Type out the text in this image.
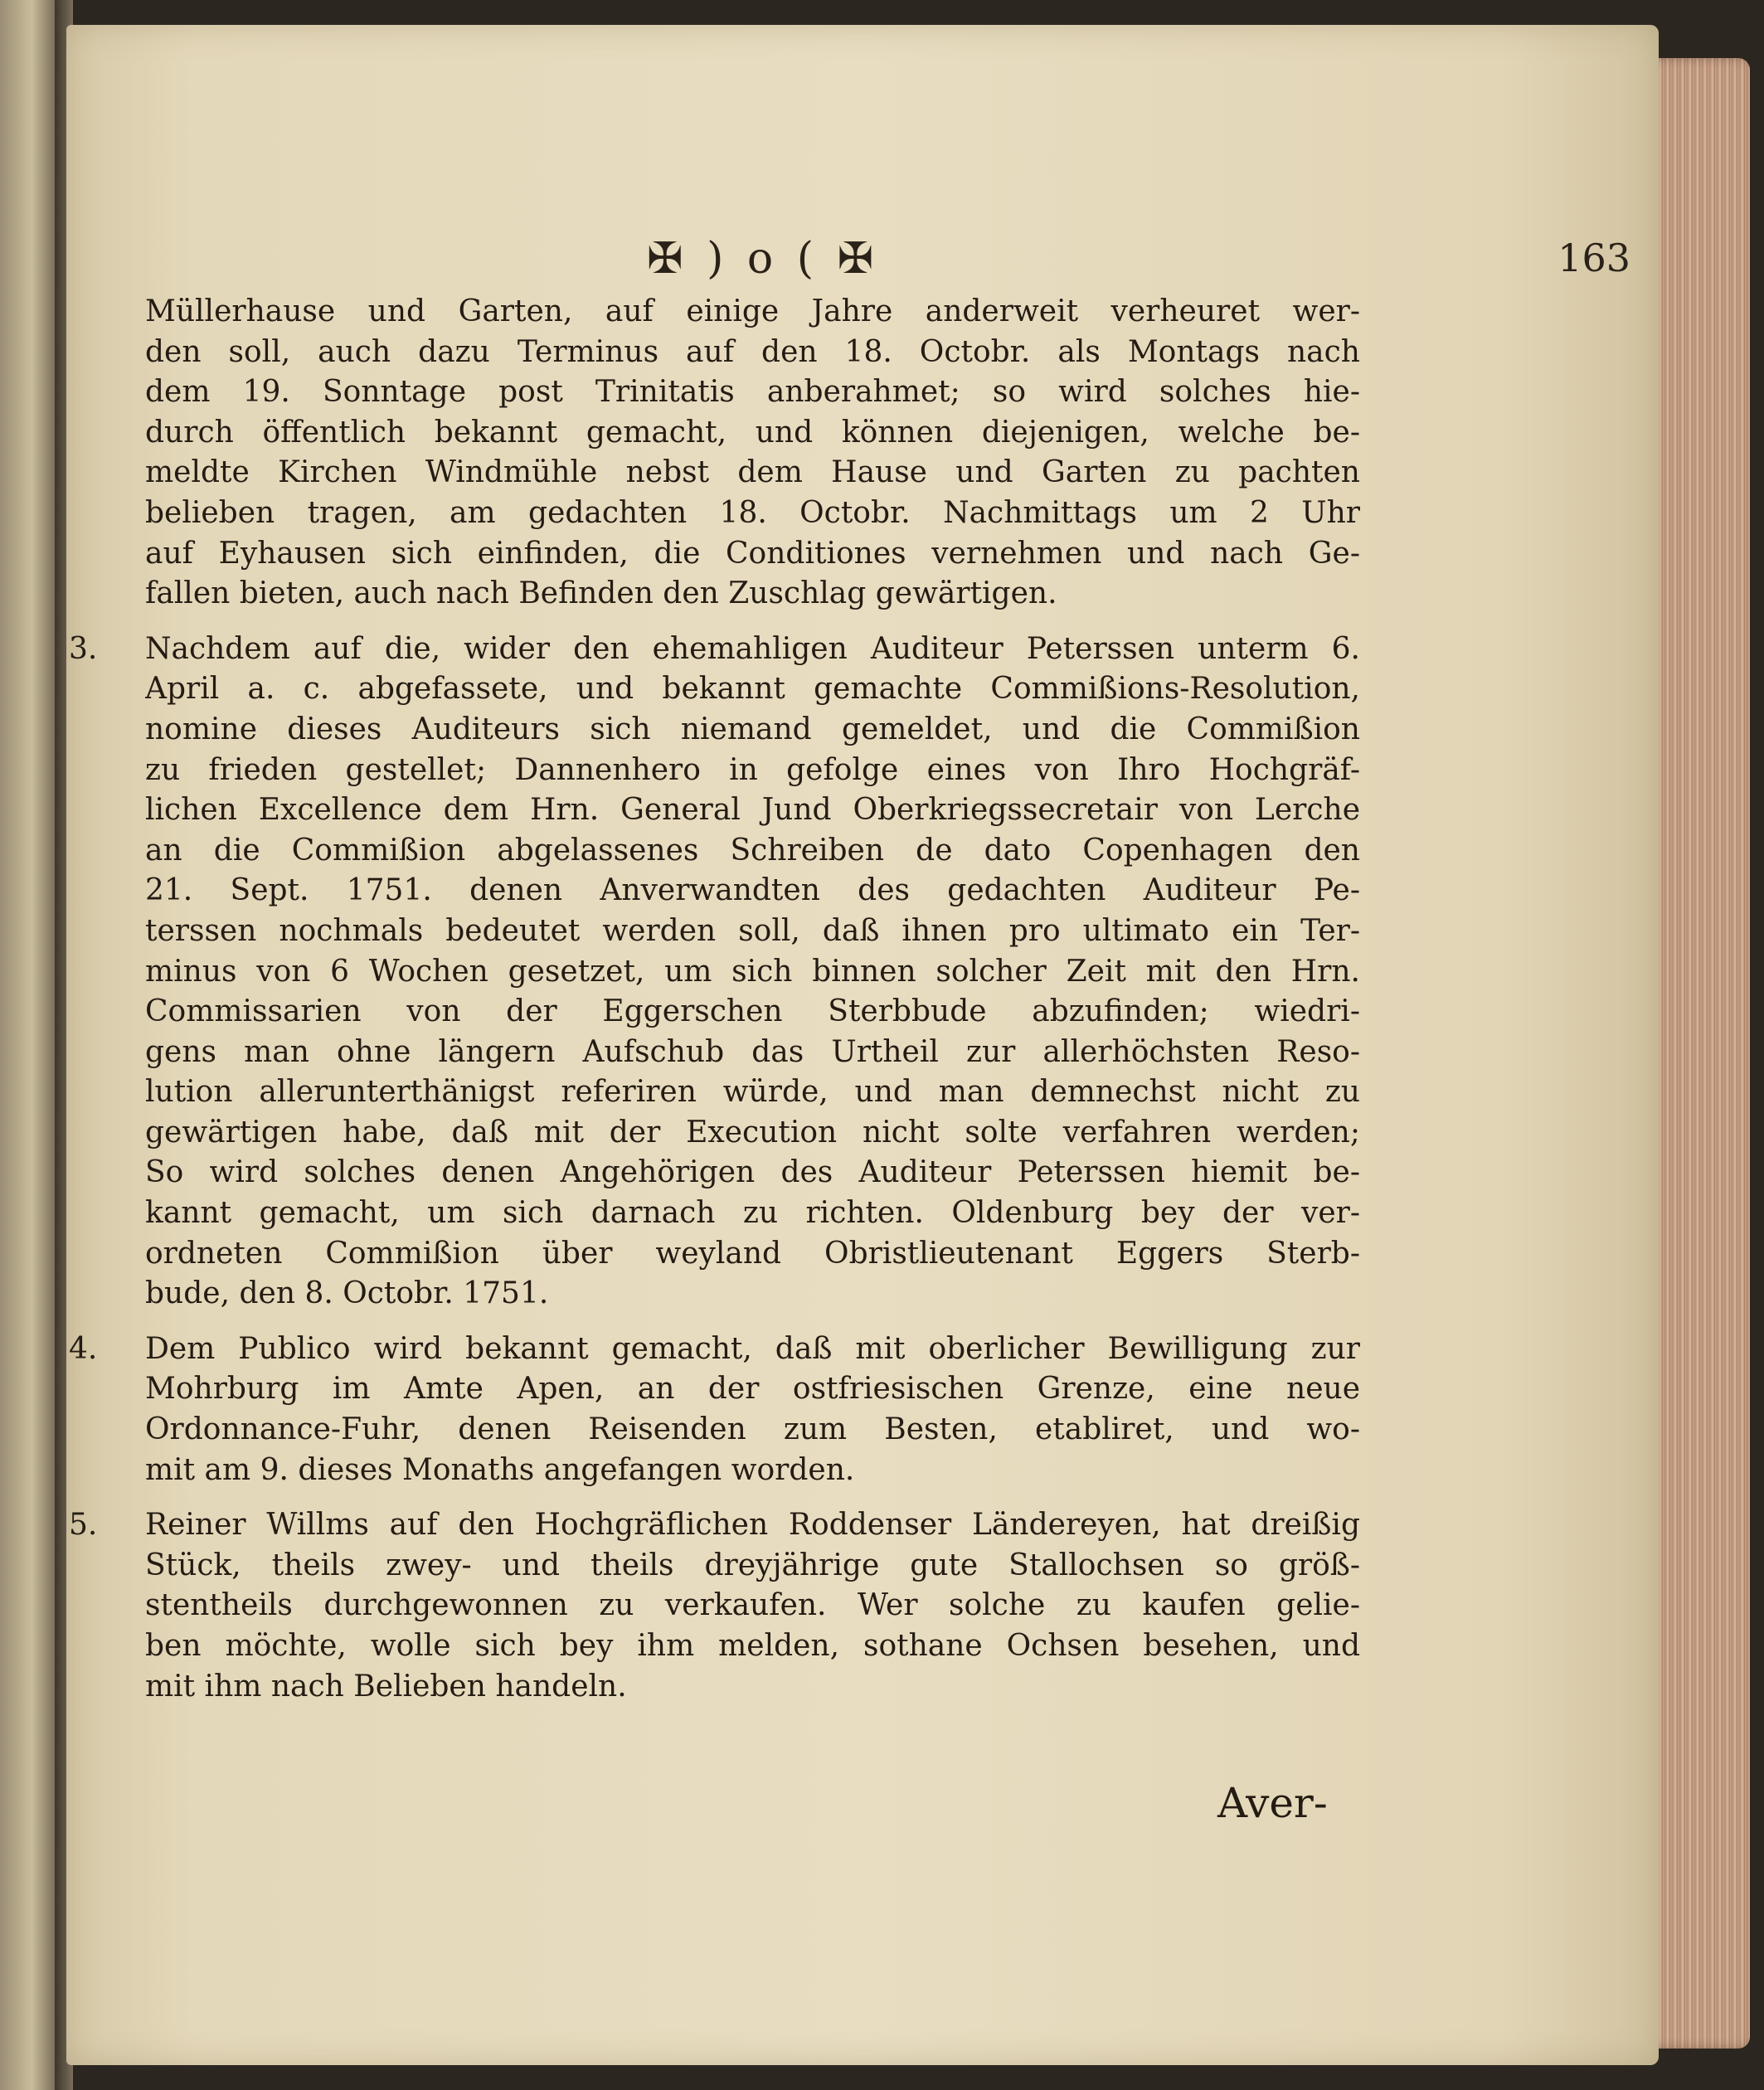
✠ ) o ( ✠	163
Müllerhause und Garten, auf einige Jahre anderweit verheuret wer-
den soll, auch dazu Terminus auf den 18. Octobr. als Montags nach
dem 19. Sonntage post Trinitatis anberahmet; so wird solches hie-
durch öffentlich bekannt gemacht, und können diejenigen, welche be-
meldte Kirchen Windmühle nebst dem Hause und Garten zu pachten
belieben tragen, am gedachten 18. Octobr. Nachmittags um 2 Uhr
auf Eyhausen sich einfinden, die Conditiones vernehmen und nach Ge-
fallen bieten, auch nach Befinden den Zuschlag gewärtigen.
3.	Nachdem auf die, wider den ehemahligen Auditeur Peterssen unterm 6.
April a. c. abgefassete, und bekannt gemachte Commißions-Resolution,
nomine dieses Auditeurs sich niemand gemeldet, und die Commißion
zu frieden gestellet; Dannenhero in gefolge eines von Ihro Hochgräf-
lichen Excellence dem Hrn. General Jund Oberkriegssecretair von Lerche
an die Commißion abgelassenes Schreiben de dato Copenhagen den
21. Sept. 1751. denen Anverwandten des gedachten Auditeur Pe-
terssen nochmals bedeutet werden soll, daß ihnen pro ultimato ein Ter-
minus von 6 Wochen gesetzet, um sich binnen solcher Zeit mit den Hrn.
Commissarien von der Eggerschen Sterbbude abzufinden; wiedri-
gens man ohne längern Aufschub das Urtheil zur allerhöchsten Reso-
lution allerunterthänigst referiren würde, und man demnechst nicht zu
gewärtigen habe, daß mit der Execution nicht solte verfahren werden;
So wird solches denen Angehörigen des Auditeur Peterssen hiemit be-
kannt gemacht, um sich darnach zu richten. Oldenburg bey der ver-
ordneten Commißion über weyland Obristlieutenant Eggers Sterb-
bude, den 8. Octobr. 1751.
4.	Dem Publico wird bekannt gemacht, daß mit oberlicher Bewilligung zur
Mohrburg im Amte Apen, an der ostfriesischen Grenze, eine neue
Ordonnance-Fuhr, denen Reisenden zum Besten, etabliret, und wo-
mit am 9. dieses Monaths angefangen worden.
5.	Reiner Willms auf den Hochgräflichen Roddenser Ländereyen, hat dreißig
Stück, theils zwey- und theils dreyjährige gute Stallochsen so größ-
stentheils durchgewonnen zu verkaufen. Wer solche zu kaufen gelie-
ben möchte, wolle sich bey ihm melden, sothane Ochsen besehen, und
mit ihm nach Belieben handeln.
Aver-
